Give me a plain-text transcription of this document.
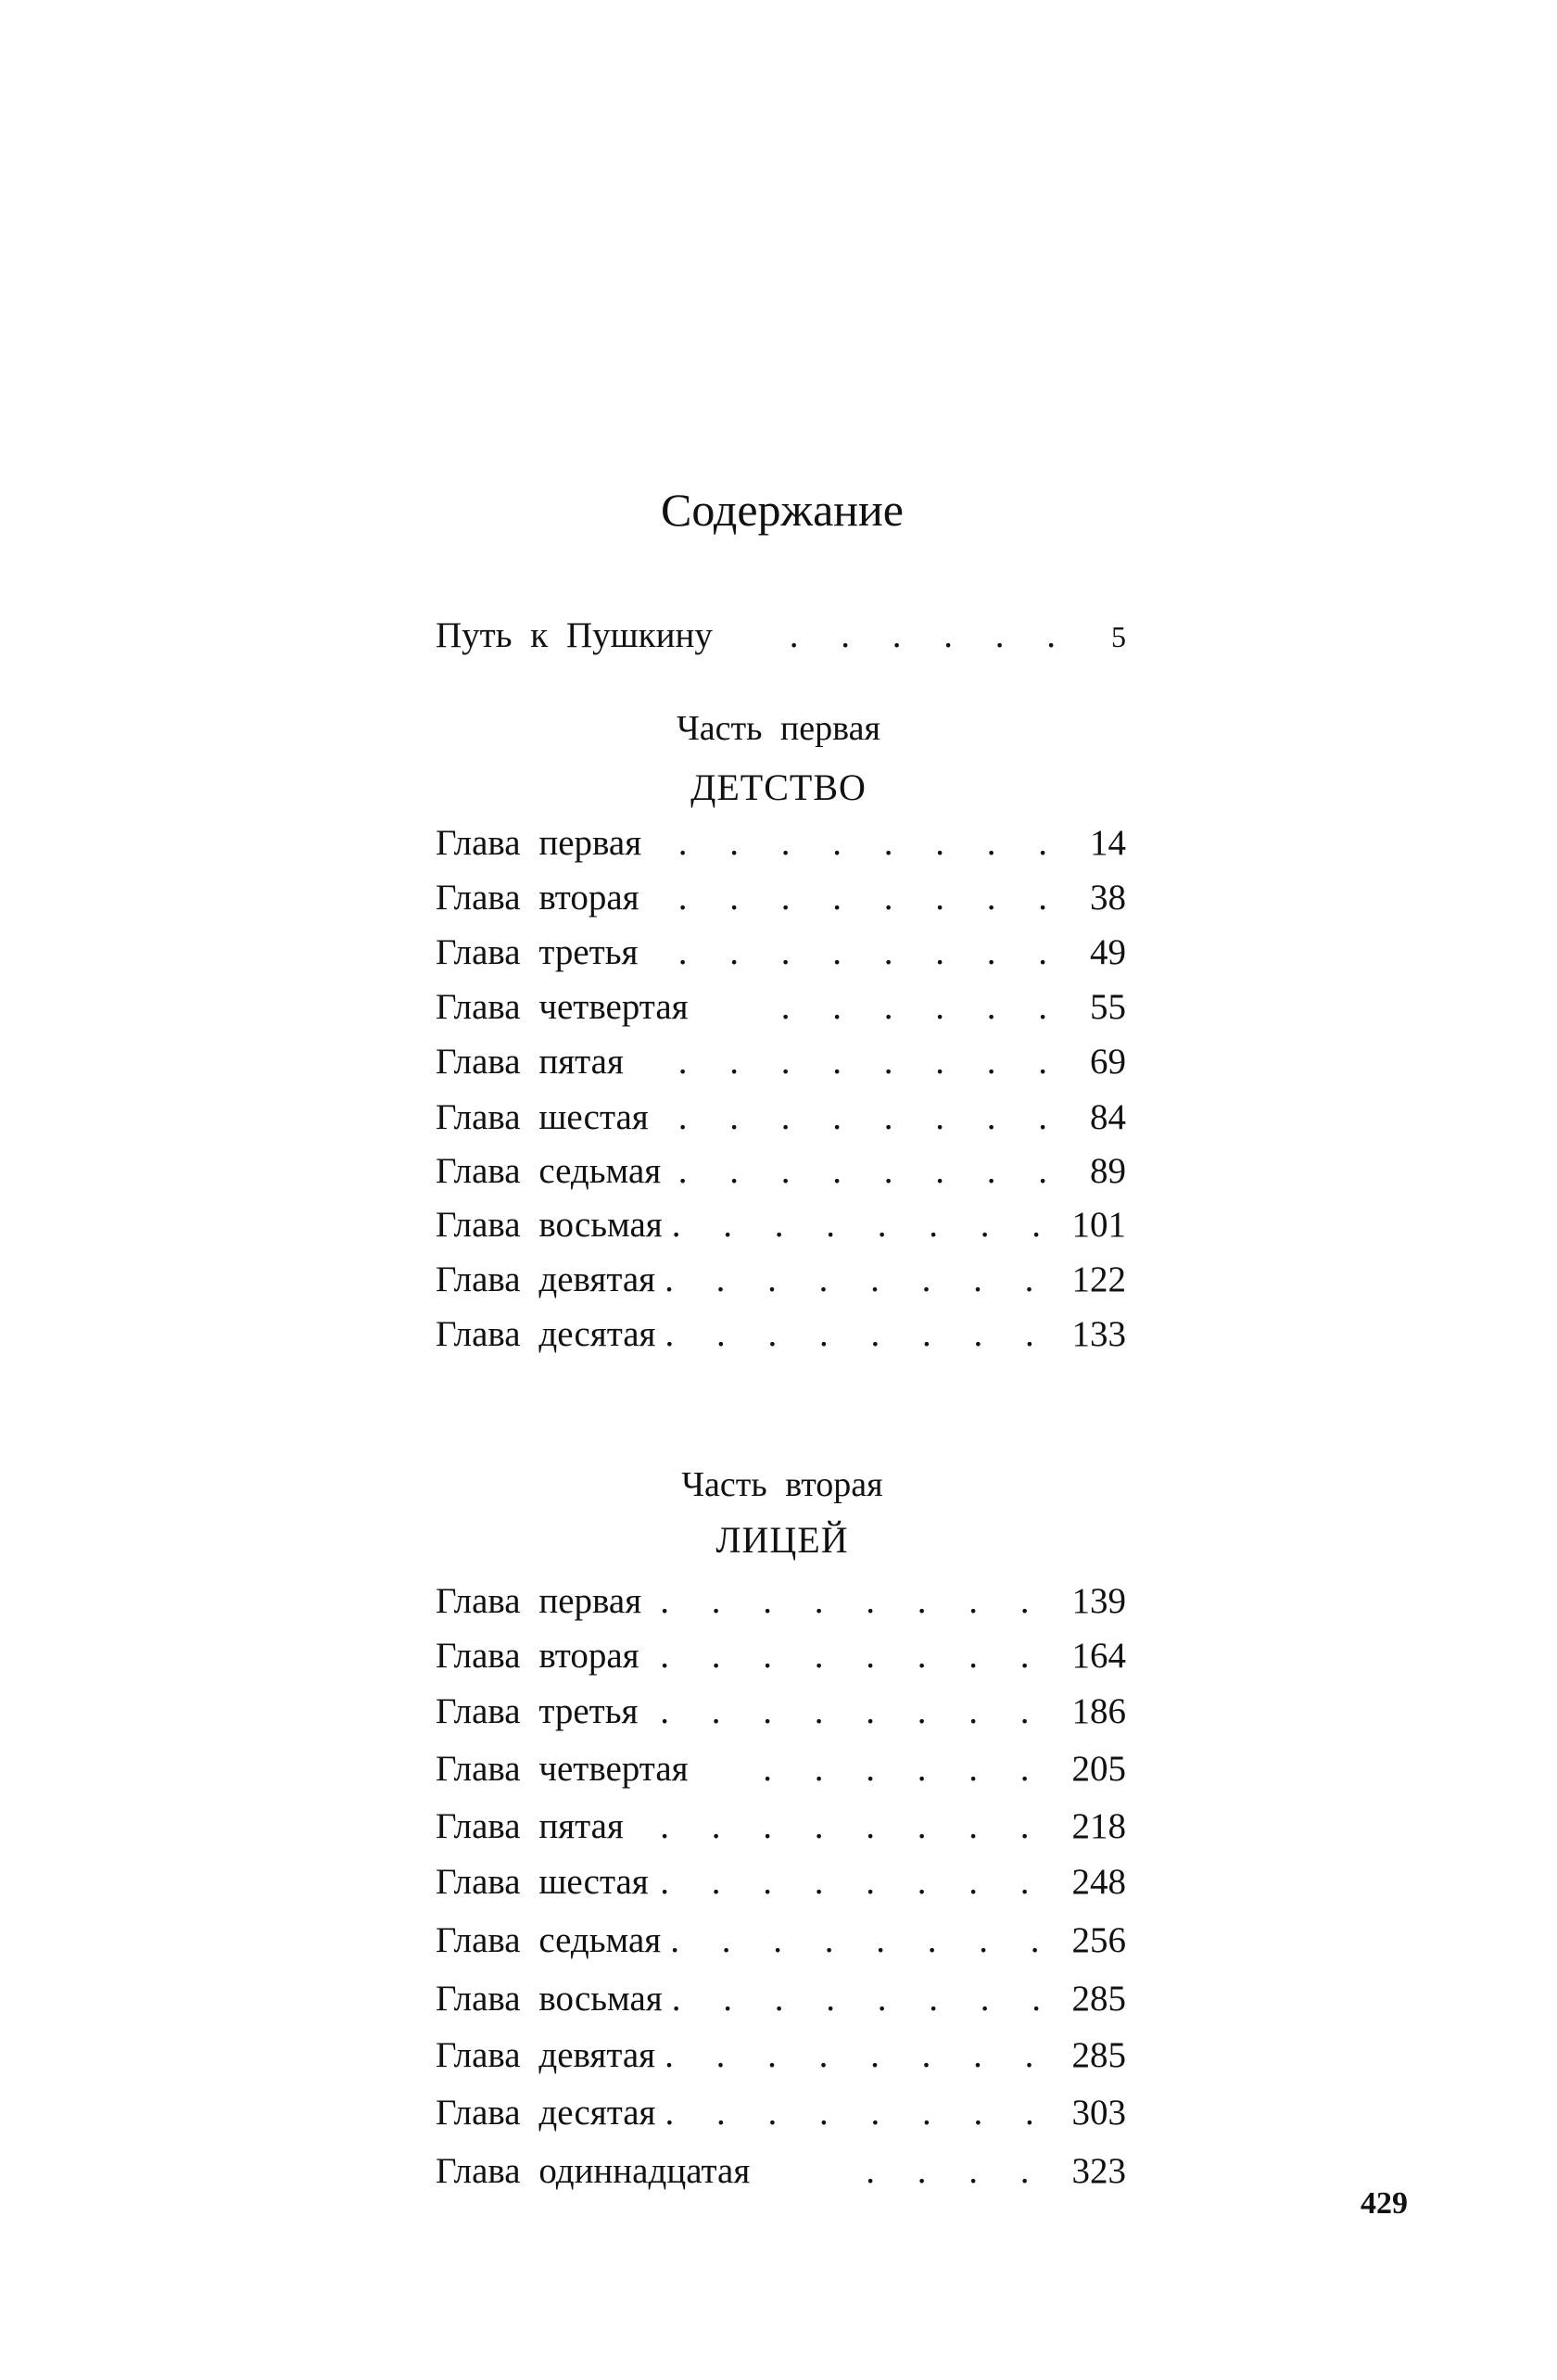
Содержание
Путь к Пушкину	. . . . . .	5
Часть первая
ДЕТСТВО
Глава первая	. . . . . . . . 14
Глава вторая	. . . . . . . . 38
Глава третья	. . . . . . . . 49
Глава четвертая	. . . . . . 55
Глава пятая	. . . . . . . . 69
Глава шестая . . . . . . . . 84
Глава седьмая . . . . . . . . 89
Глава восьмая . . . . . . . . 101
Глава девятая . . . . . . . . 122
Глава десятая . . . . . . . . 133
Часть вторая
ЛИЦЕЙ
Глава первая . . . . . . . . 139
Глава вторая . . . . . . . . 164
Глава третья . . . . . . . . 186
Глава четвертая	. . . . . . 205
Глава пятая	. . . . . . . . 218
Глава шестая . . . . . . . . 248
Глава седьмая . . . . . . . . 256
Глава восьмая . . . . . . . . 285
Глава девятая . . . . . . . . 285
Глава десятая . . . . . . . . 303
Глава одиннадцатая	. . . . 323
429
